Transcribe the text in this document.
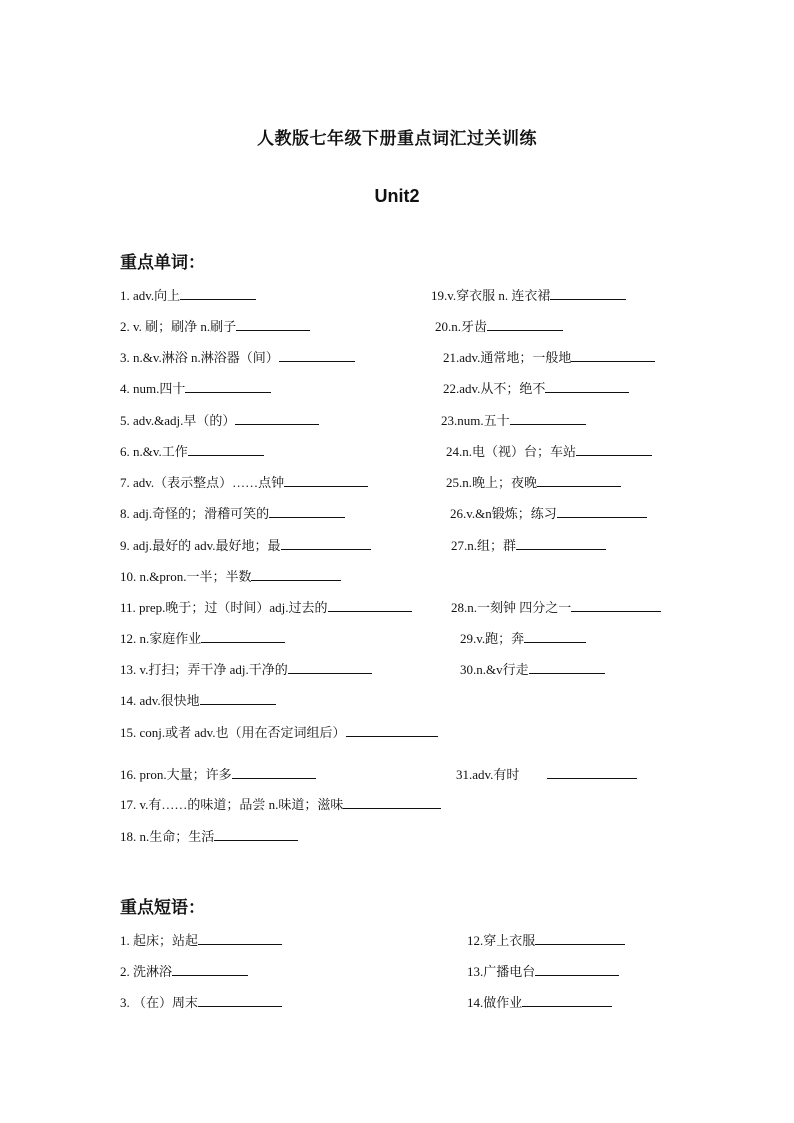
人教版七年级下册重点词汇过关训练
Unit2
重点单词：
1. adv.向上
2. v. 刷；刷净 n.刷子
3. n.&v.淋浴 n.淋浴器（间）
4. num.四十
5. adv.&adj.早（的）
6. n.&v.工作
7. adv.（表示整点）……点钟
8. adj.奇怪的；滑稽可笑的
9. adj.最好的 adv.最好地；最
10. n.&pron.一半；半数
11. prep.晚于；过（时间）adj.过去的
12. n.家庭作业
13. v.打扫；弄干净 adj.干净的
14. adv.很快地
15. conj.或者 adv.也（用在否定词组后）
16. pron.大量；许多
17. v.有……的味道；品尝 n.味道；滋味
18. n.生命；生活
19.v.穿衣服 n. 连衣裙
20.n.牙齿
21.adv.通常地；一般地
22.adv.从不；绝不
23.num.五十
24.n.电（视）台；车站
25.n.晚上；夜晚
26.v.&n锻炼；练习
27.n.组；群
28.n.一刻钟 四分之一
29.v.跑；奔
30.n.&v行走
31.adv.有时
重点短语：
1. 起床；站起
2. 洗淋浴
3. （在）周末
12.穿上衣服
13.广播电台
14.做作业
